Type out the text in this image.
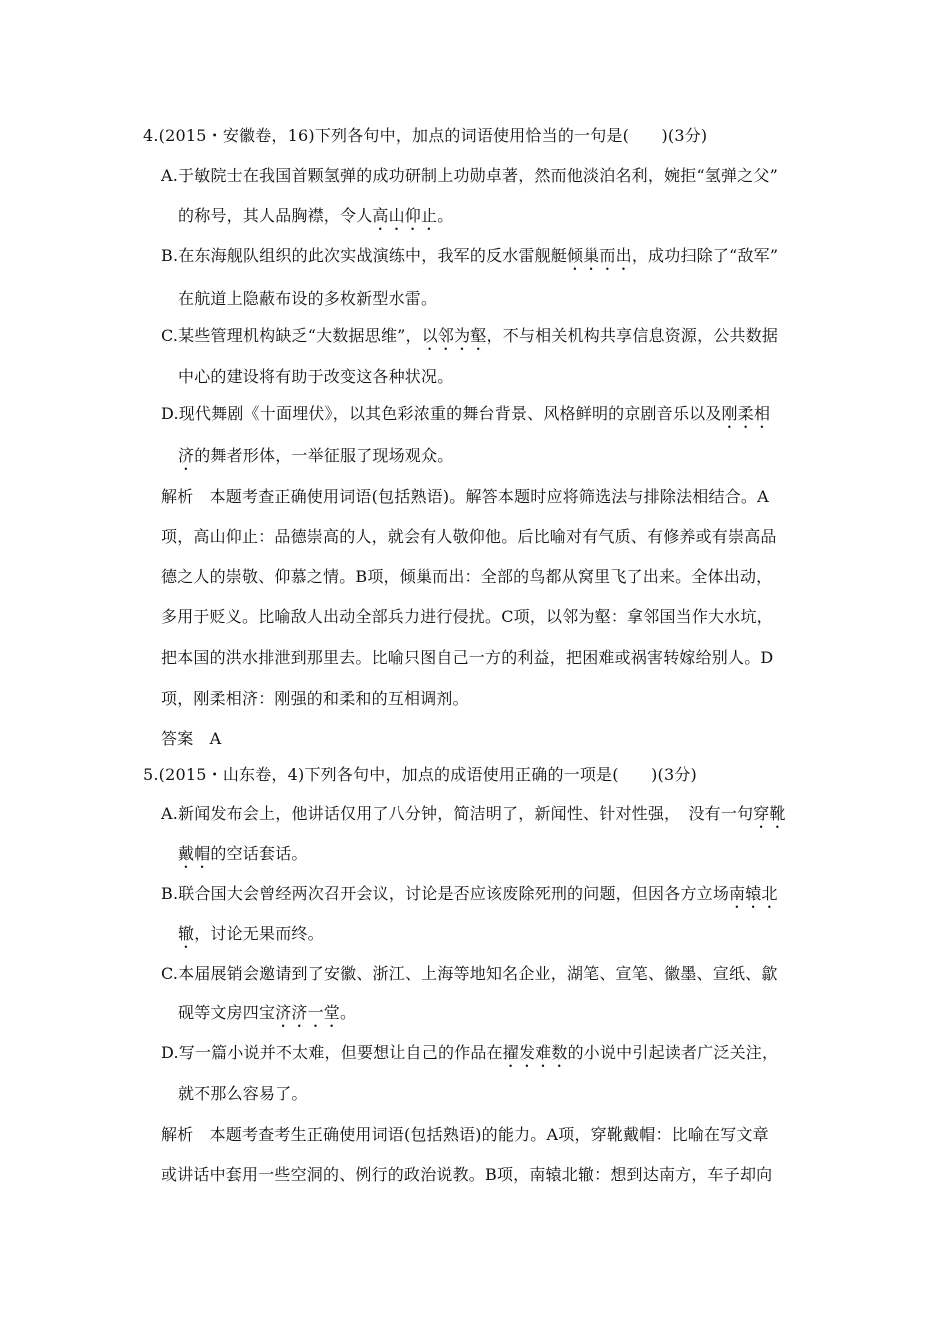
4.(2015・安徽卷，16)下列各句中，加点的词语使用恰当的一句是(　　)(3分)
A.于敏院士在我国首颗氢弹的成功研制上功勋卓著，然而他淡泊名利，婉拒“氢弹之父”
的称号，其人品胸襟，令人高山仰止。
B.在东海舰队组织的此次实战演练中，我军的反水雷舰艇倾巢而出，成功扫除了“敌军”
在航道上隐蔽布设的多枚新型水雷。
C.某些管理机构缺乏“大数据思维”，以邻为壑，不与相关机构共享信息资源，公共数据
中心的建设将有助于改变这各种状况。
D.现代舞剧《十面埋伏》，以其色彩浓重的舞台背景、风格鲜明的京剧音乐以及刚柔相
济的舞者形体，一举征服了现场观众。
解析　本题考查正确使用词语(包括熟语)。解答本题时应将筛选法与排除法相结合。A
项，高山仰止：品德崇高的人，就会有人敬仰他。后比喻对有气质、有修养或有崇高品
德之人的崇敬、仰慕之情。B项，倾巢而出：全部的鸟都从窝里飞了出来。全体出动，
多用于贬义。比喻敌人出动全部兵力进行侵扰。C项，以邻为壑：拿邻国当作大水坑，
把本国的洪水排泄到那里去。比喻只图自己一方的利益，把困难或祸害转嫁给别人。D
项，刚柔相济：刚强的和柔和的互相调剂。
答案　A
5.(2015・山东卷，4)下列各句中，加点的成语使用正确的一项是(　　)(3分)
A.新闻发布会上，他讲话仅用了八分钟，简洁明了，新闻性、针对性强，　没有一句穿靴
戴帽的空话套话。
B.联合国大会曾经两次召开会议，讨论是否应该废除死刑的问题，但因各方立场南辕北
辙，讨论无果而终。
C.本届展销会邀请到了安徽、浙江、上海等地知名企业，湖笔、宣笔、徽墨、宣纸、歙
砚等文房四宝济济一堂。
D.写一篇小说并不太难，但要想让自己的作品在擢发难数的小说中引起读者广泛关注，
就不那么容易了。
解析　本题考查考生正确使用词语(包括熟语)的能力。A项，穿靴戴帽：比喻在写文章
或讲话中套用一些空洞的、例行的政治说教。B项，南辕北辙：想到达南方，车子却向
